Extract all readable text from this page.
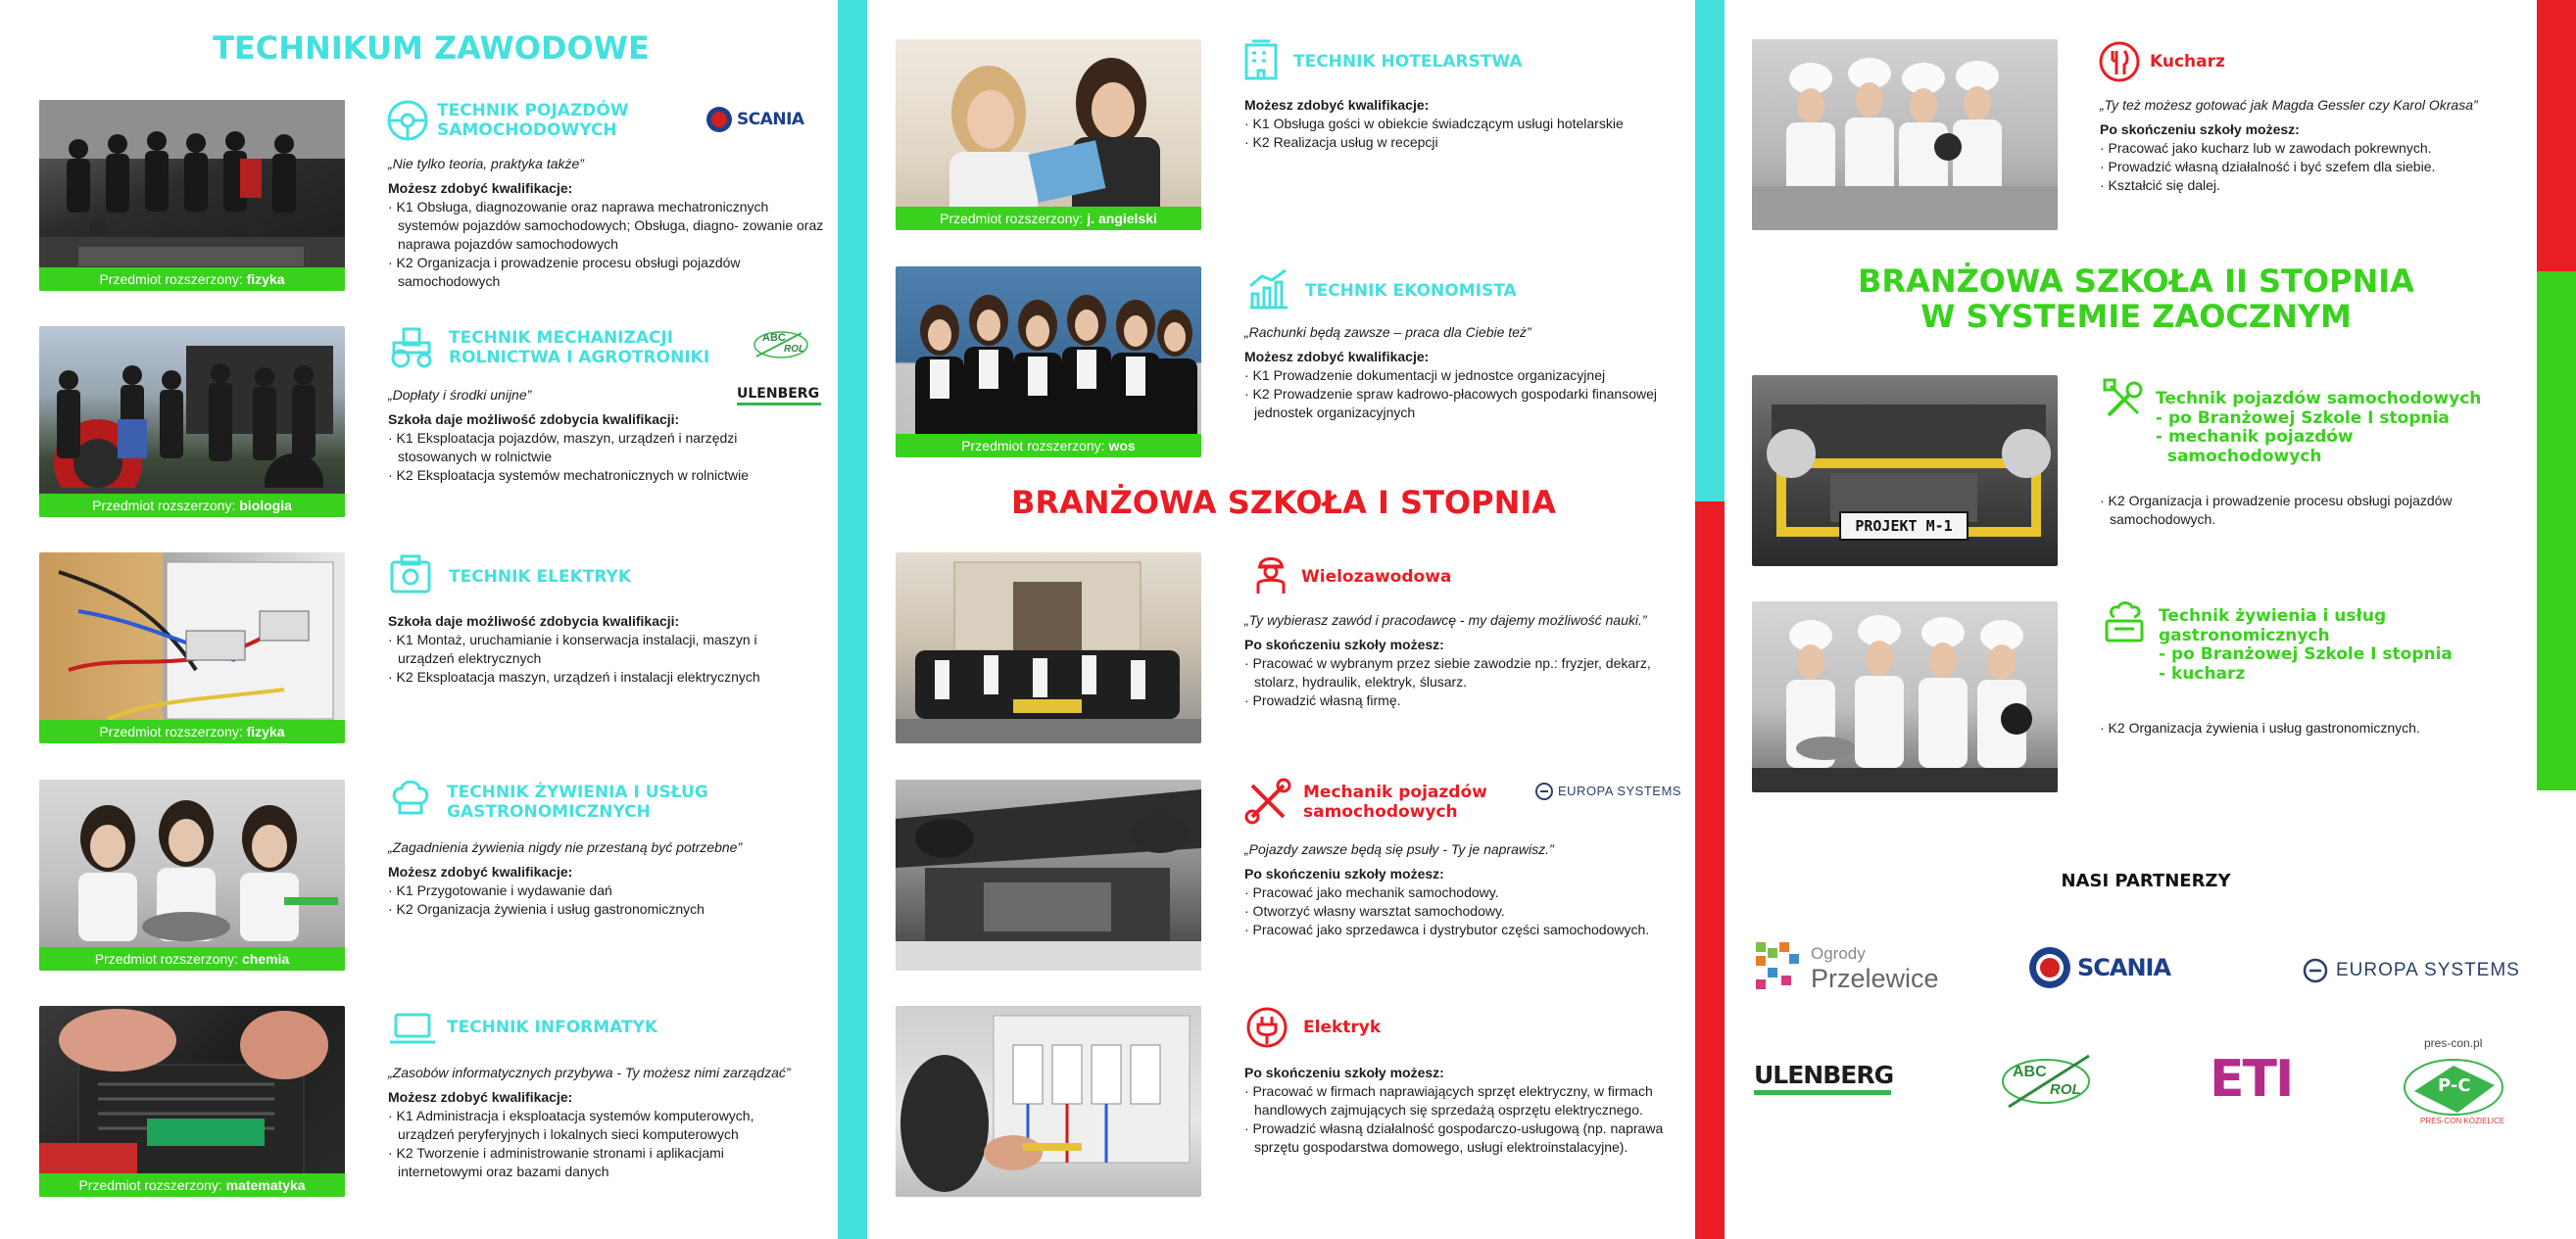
TECHNIKUM ZAWODOWE
Przedmiot rozszerzony: fizyka
TECHNIK POJAZDÓW
SAMOCHODOWYCH
SCANIA
„Nie tylko teoria, praktyka także”
Możesz zdobyć kwalifikacje:
· K1 Obsługa, diagnozowanie oraz naprawa mechatronicznych systemów pojazdów samochodowych; Obsługa, diagno- zowanie oraz naprawa pojazdów samochodowych
· K2 Organizacja i prowadzenie procesu obsługi pojazdów samochodowych
Przedmiot rozszerzony: biologia
TECHNIK MECHANIZACJI
ROLNICTWA I AGROTRONIKI
ABC
ROL
ULENBERG
„Dopłaty i środki unijne”
Szkoła daje możliwość zdobycia kwalifikacji:
· K1 Eksploatacja pojazdów, maszyn, urządzeń i narzędzi stosowanych w rolnictwie
· K2 Eksploatacja systemów mechatronicznych w rolnictwie
Przedmiot rozszerzony: fizyka
TECHNIK ELEKTRYK
Szkoła daje możliwość zdobycia kwalifikacji:
· K1 Montaż, uruchamianie i konserwacja instalacji, maszyn i urządzeń elektrycznych
· K2 Eksploatacja maszyn, urządzeń i instalacji elektrycznych
Przedmiot rozszerzony: chemia
TECHNIK ŻYWIENIA I USŁUG
GASTRONOMICZNYCH
„Zagadnienia żywienia nigdy nie przestaną być potrzebne”
Możesz zdobyć kwalifikacje:
· K1 Przygotowanie i wydawanie dań
· K2 Organizacja żywienia i usług gastronomicznych
Przedmiot rozszerzony: matematyka
TECHNIK INFORMATYK
„Zasobów informatycznych przybywa - Ty możesz nimi zarządzać”
Możesz zdobyć kwalifikacje:
· K1 Administracja i eksploatacja systemów komputerowych, urządzeń peryferyjnych i lokalnych sieci komputerowych
· K2 Tworzenie i administrowanie stronami i aplikacjami internetowymi oraz bazami danych
Przedmiot rozszerzony: j. angielski
TECHNIK HOTELARSTWA
Możesz zdobyć kwalifikacje:
· K1 Obsługa gości w obiekcie świadczącym usługi hotelarskie
· K2 Realizacja usług w recepcji
Przedmiot rozszerzony: wos
TECHNIK EKONOMISTA
„Rachunki będą zawsze – praca dla Ciebie też”
Możesz zdobyć kwalifikacje:
· K1 Prowadzenie dokumentacji w jednostce organizacyjnej
· K2 Prowadzenie spraw kadrowo-płacowych gospodarki finansowej jednostek organizacyjnych
BRANŻOWA SZKOŁA I STOPNIA
Wielozawodowa
„Ty wybierasz zawód i pracodawcę - my dajemy możliwość nauki.”
Po skończeniu szkoły możesz:
· Pracować w wybranym przez siebie zawodzie np.: fryzjer, dekarz, stolarz, hydraulik, elektryk, ślusarz.
· Prowadzić własną firmę.
Mechanik pojazdów
samochodowych
EUROPA SYSTEMS
„Pojazdy zawsze będą się psuły - Ty je naprawisz.”
Po skończeniu szkoły możesz:
· Pracować jako mechanik samochodowy.
· Otworzyć własny warsztat samochodowy.
· Pracować jako sprzedawca i dystrybutor części samochodowych.
Elektryk
Po skończeniu szkoły możesz:
· Pracować w firmach naprawiających sprzęt elektryczny, w firmach handlowych zajmujących się sprzedażą osprzętu elektrycznego.
· Prowadzić własną działalność gospodarczo-usługową (np. naprawa sprzętu gospodarstwa domowego, usługi elektroinstalacyjne).
Kucharz
„Ty też możesz gotować jak Magda Gessler czy Karol Okrasa”
Po skończeniu szkoły możesz:
· Pracować jako kucharz lub w zawodach pokrewnych.
· Prowadzić własną działalność i być szefem dla siebie.
· Kształcić się dalej.
BRANŻOWA SZKOŁA II STOPNIA
W SYSTEMIE ZAOCZNYM
PROJEKT M-1
Technik pojazdów samochodowych
- po Branżowej Szkole I stopnia
- mechanik pojazdów
samochodowych
· K2 Organizacja i prowadzenie procesu obsługi pojazdów samochodowych.
Technik żywienia i usług
gastronomicznych
- po Branżowej Szkole I stopnia
- kucharz
· K2 Organizacja żywienia i usług gastronomicznych.
NASI PARTNERZY
Ogrody
Przelewice	SCANIA	EUROPA SYSTEMS
ULENBERG	ABC
ROL	ETI
pres-con.pl
P-C
PRES-CON KOZIELICE
